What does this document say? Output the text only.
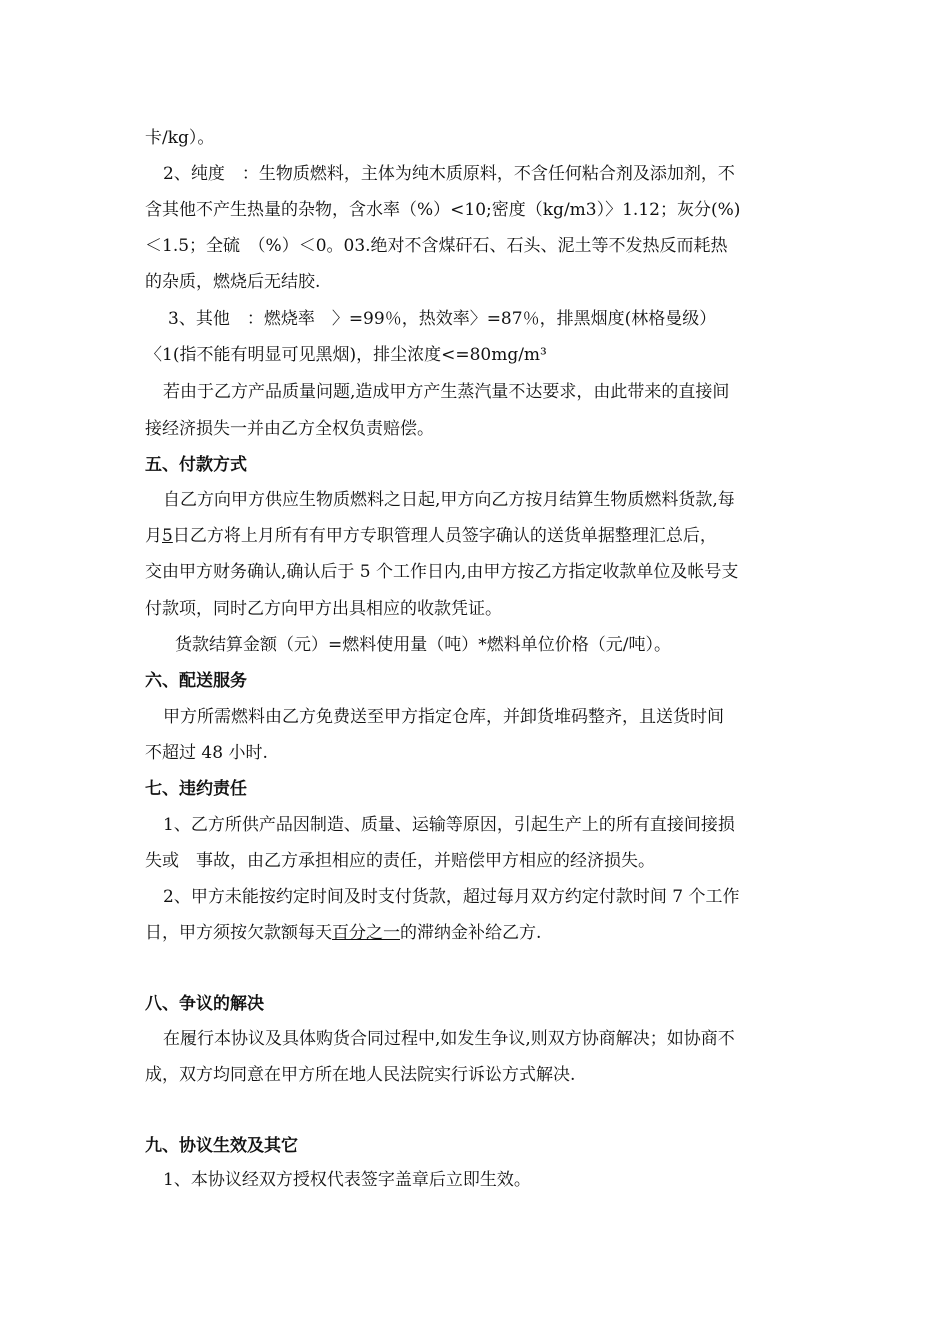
卡/kg）。
2、纯度　：生物质燃料，主体为纯木质原料，不含任何粘合剂及添加剂，不
含其他不产生热量的杂物，含水率（%）<10;密度（kg/m3）〉1.12；灰分(%)
＜1.5；全硫　（%）＜0。03.绝对不含煤矸石、石头、泥土等不发热反而耗热
的杂质，燃烧后无结胶.
3、其他　：燃烧率　〉=99％，热效率〉=87％，排黑烟度(林格曼级）
〈1(指不能有明显可见黑烟)，排尘浓度<=80mg/m³
若由于乙方产品质量问题,造成甲方产生蒸汽量不达要求，由此带来的直接间
接经济损失一并由乙方全权负责赔偿。
五、付款方式
自乙方向甲方供应生物质燃料之日起,甲方向乙方按月结算生物质燃料货款,每
月5日乙方将上月所有有甲方专职管理人员签字确认的送货单据整理汇总后，
交由甲方财务确认,确认后于 5 个工作日内,由甲方按乙方指定收款单位及帐号支
付款项，同时乙方向甲方出具相应的收款凭证。
货款结算金额（元）=燃料使用量（吨）*燃料单位价格（元/吨）。
六、配送服务
甲方所需燃料由乙方免费送至甲方指定仓库，并卸货堆码整齐，且送货时间
不超过 48 小时.
七、违约责任
1、乙方所供产品因制造、质量、运输等原因，引起生产上的所有直接间接损
失或　事故，由乙方承担相应的责任，并赔偿甲方相应的经济损失。
2、甲方未能按约定时间及时支付货款，超过每月双方约定付款时间 7 个工作
日，甲方须按欠款额每天百分之一的滞纳金补给乙方.
八、争议的解决
在履行本协议及具体购货合同过程中,如发生争议,则双方协商解决；如协商不
成，双方均同意在甲方所在地人民法院实行诉讼方式解决.
九、协议生效及其它
1、本协议经双方授权代表签字盖章后立即生效。
